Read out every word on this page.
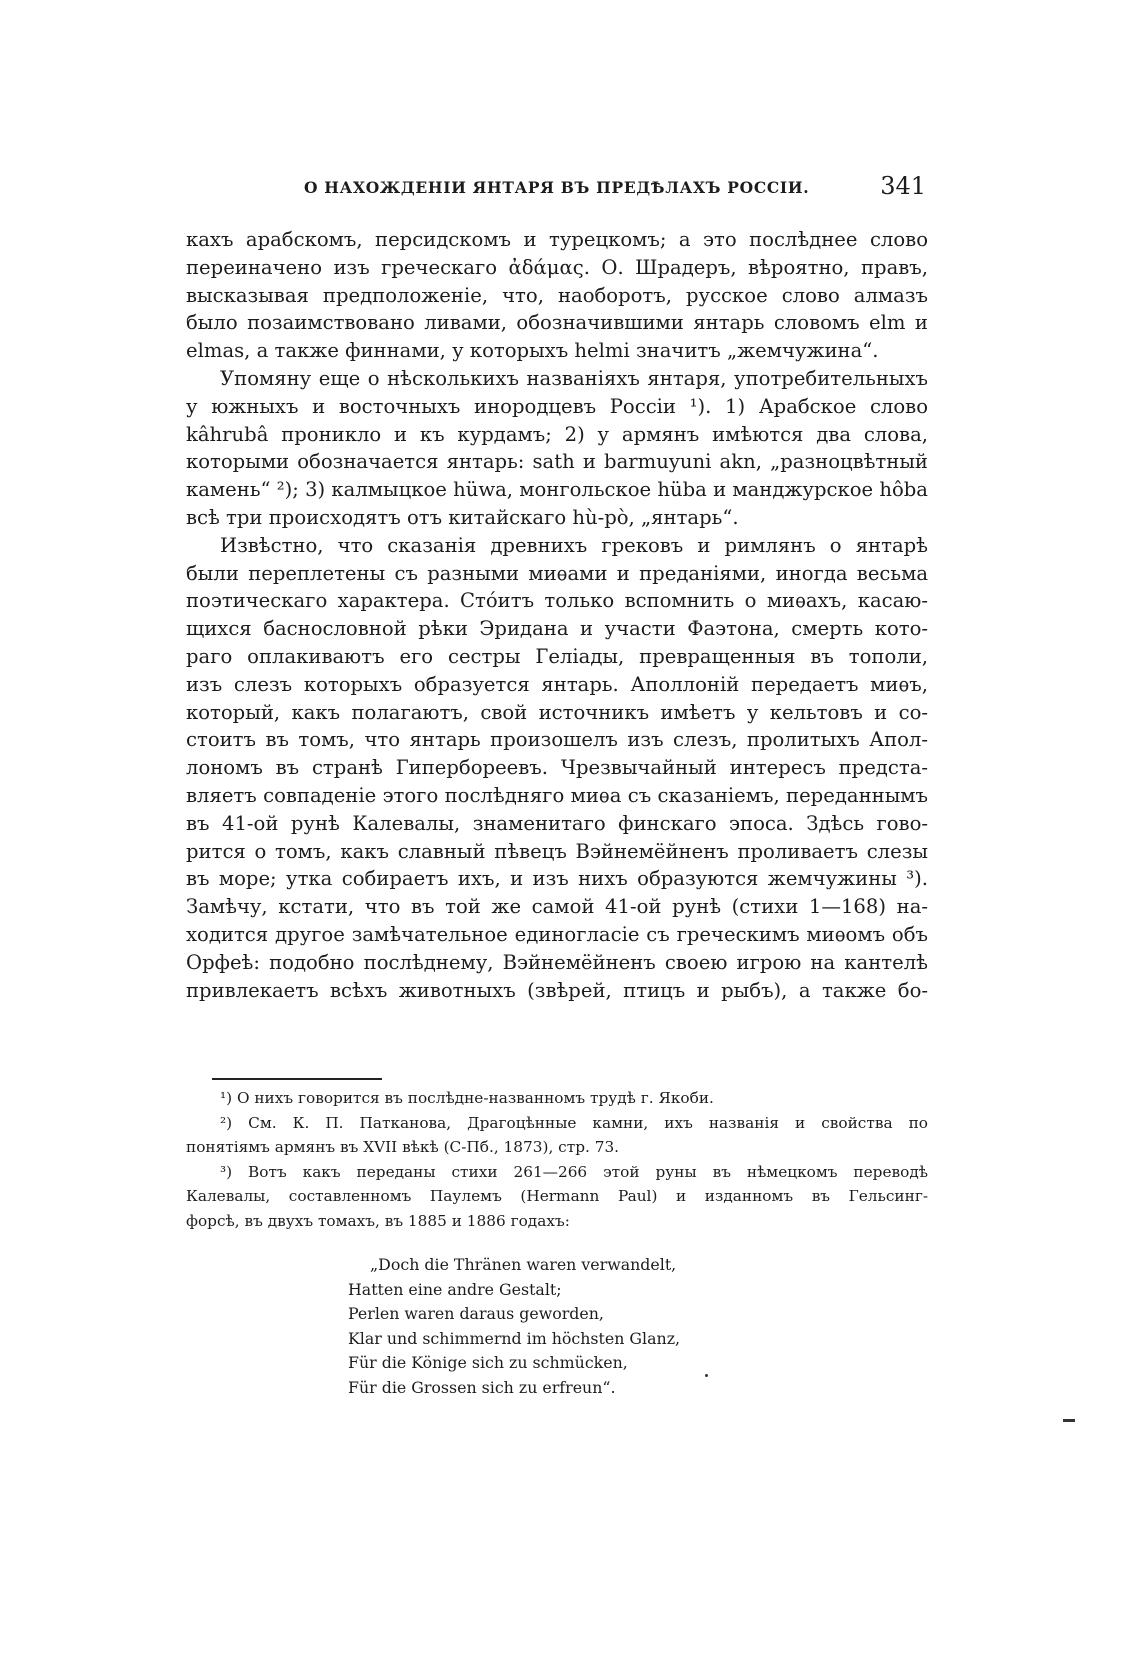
О НАХОЖДЕНІИ ЯНТАРЯ ВЪ ПРЕДѢЛАХЪ РОССІИ.	341
кахъ арабскомъ, персидскомъ и турецкомъ; а это послѣднее слово
переиначено изъ греческаго ἀδάμας. О. Шрадеръ, вѣроятно, правъ,
высказывая предположеніе, что, наоборотъ, русское слово алмазъ
было позаимствовано ливами, обозначившими янтарь словомъ elm и
elmas, а также финнами, у которыхъ helmi значитъ „жемчужина“.
Упомяну еще о нѣсколькихъ названіяхъ янтаря, употребительныхъ
у южныхъ и восточныхъ инородцевъ Россіи ¹). 1) Арабское слово
kâhrubâ проникло и къ курдамъ; 2) у армянъ имѣются два слова,
которыми обозначается янтарь: sath и barmuyuni akn, „разноцвѣтный
камень“ ²); 3) калмыцкое hüwa, монгольское hüba и манджурское hôba
всѣ три происходятъ отъ китайскаго hù-pò, „янтарь“.
Извѣстно, что сказанія древнихъ грековъ и римлянъ о янтарѣ
были переплетены съ разными миѳами и преданіями, иногда весьма
поэтическаго характера. Стóитъ только вспомнить о миѳахъ, касаю-
щихся баснословной рѣки Эридана и участи Фаэтона, смерть кото-
раго оплакиваютъ его сестры Геліады, превращенныя въ тополи,
изъ слезъ которыхъ образуется янтарь. Аполлоній передаетъ миѳъ,
который, какъ полагаютъ, свой источникъ имѣетъ у кельтовъ и со-
стоитъ въ томъ, что янтарь произошелъ изъ слезъ, пролитыхъ Апол-
лономъ въ странѣ Гипербореевъ. Чрезвычайный интересъ предста-
вляетъ совпаденіе этого послѣдняго миѳа съ сказаніемъ, переданнымъ
въ 41-ой рунѣ Калевалы, знаменитаго финскаго эпоса. Здѣсь гово-
рится о томъ, какъ славный пѣвецъ Вэйнемёйненъ проливаетъ слезы
въ море; утка собираетъ ихъ, и изъ нихъ образуются жемчужины ³).
Замѣчу, кстати, что въ той же самой 41-ой рунѣ (стихи 1—168) на-
ходится другое замѣчательное единогласіе съ греческимъ миѳомъ объ
Орфеѣ: подобно послѣднему, Вэйнемёйненъ своею игрою на кантелѣ
привлекаетъ всѣхъ животныхъ (звѣрей, птицъ и рыбъ), а также бо-
¹) О нихъ говорится въ послѣдне-названномъ трудѣ г. Якоби.
²) См. К. П. Патканова, Драгоцѣнные камни, ихъ названія и свойства по
понятіямъ армянъ въ XVII вѣкѣ (С-Пб., 1873), стр. 73.
³) Вотъ какъ переданы стихи 261—266 этой руны въ нѣмецкомъ переводѣ
Калевалы, составленномъ Паулемъ (Hermann Paul) и изданномъ въ Гельсинг-
форсѣ, въ двухъ томахъ, въ 1885 и 1886 годахъ:
„Doch die Thränen waren verwandelt,
Hatten eine andre Gestalt;
Perlen waren daraus geworden,
Klar und schimmernd im höchsten Glanz,
Für die Könige sich zu schmücken,
Für die Grossen sich zu erfreun“.
